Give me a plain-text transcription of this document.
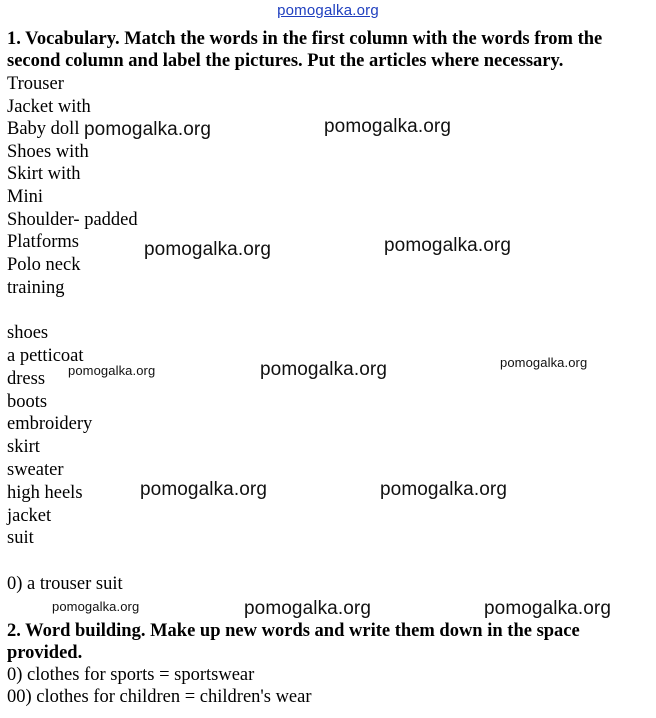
pomogalka.org

1. Vocabulary. Match the words in the first column with the words from the second column and label the pictures. Put the articles where necessary.

Trouser
Jacket with
Baby doll
Shoes with
Skirt with
Mini
Shoulder- padded
Platforms
Polo neck
training
shoes
a petticoat
dress
boots
embroidery
skirt
sweater
high heels
jacket
suit
0) a trouser suit

2. Word building. Make up new words and write them down in the space provided.

0) clothes for sports = sportswear
00) clothes for children = children's wear
pomogalka.org	pomogalka.org
pomogalka.org	pomogalka.org
pomogalka.org	pomogalka.org	pomogalka.org
pomogalka.org	pomogalka.org
pomogalka.org	pomogalka.org	pomogalka.org
